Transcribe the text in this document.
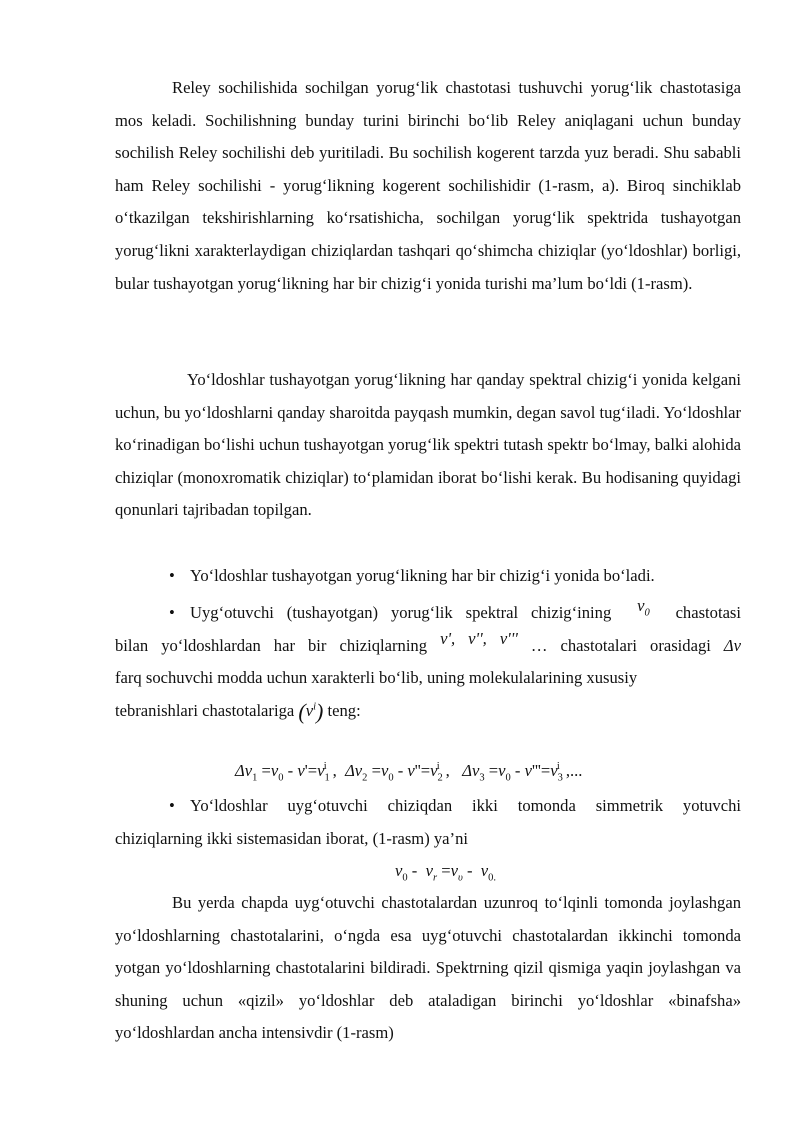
Reley sochilishida sochilgan yorug‘lik chastotasi tushuvchi yorug‘lik chastotasiga mos keladi. Sochilishning bunday turini birinchi bo‘lib Reley aniqlagani uchun bunday sochilish Reley sochilishi deb yuritiladi. Bu sochilish kogerent tarzda yuz beradi. Shu sababli ham Reley sochilishi - yorug‘likning kogerent sochilishidir (1-rasm, a). Biroq sinchiklab o‘tkazilgan tekshirishlarning ko‘rsatishicha, sochilgan yorug‘lik spektrida tushayotgan yorug‘likni xarakterlaydigan chiziqlardan tashqari qo‘shimcha chiziqlar (yo‘ldoshlar) borligi, bular tushayotgan yorug‘likning har bir chizig‘i yonida turishi ma’lum bo‘ldi (1-rasm).

Yo‘ldoshlar tushayotgan yorug‘likning har qanday spektral chizig‘i yonida kelgani uchun, bu yo‘ldoshlarni qanday sharoitda payqash mumkin, degan savol tug‘iladi. Yo‘ldoshlar ko‘rinadigan bo‘lishi uchun tushayotgan yorug‘lik spektri tutash spektr bo‘lmay, balki alohida chiziqlar (monoxromatik chiziqlar) to‘plamidan iborat bo‘lishi kerak. Bu hodisaning quyidagi qonunlari tajribadan topilgan.

• Yo‘ldoshlar tushayotgan yorug‘likning har bir chizig‘i yonida bo‘ladi.
• Uyg‘otuvchi (tushayotgan) yorug‘lik spektral chizig‘ining $\nu_0$ chastotasi
bilan yo‘ldoshlardan har bir chiziqlarning ν', ν'', ν''' … chastotalari orasidagi Δν
farq sochuvchi modda uchun xarakterli bo‘lib, uning molekulalarining xususiy
tebranishlari chastotalariga $(\nu^i)$ teng:
$\Delta\nu_1 =\nu_0 - \nu'=\nu_1^i$ ,  $\Delta\nu_2 =\nu_0 - \nu''=\nu_2^i$ ,   $\Delta\nu_3 =\nu_0 - \nu'''=\nu_3^i$ ,...
• Yo‘ldoshlar uyg‘otuvchi chiziqdan ikki tomonda simmetrik yotuvchi
chiziqlarning ikki sistemasidan iborat, (1-rasm) ya’ni
$\nu_0 - \nu_r =\nu_\upsilon - \nu_{0.}$

Bu yerda chapda uyg‘otuvchi chastotalardan uzunroq to‘lqinli tomonda joylashgan yo‘ldoshlarning chastotalarini, o‘ngda esa uyg‘otuvchi chastotalardan ikkinchi tomonda yotgan yo‘ldoshlarning chastotalarini bildiradi. Spektrning qizil qismiga yaqin joylashgan va shuning uchun «qizil» yo‘ldoshlar deb ataladigan birinchi yo‘ldoshlar «binafsha» yo‘ldoshlardan ancha intensivdir (1-rasm)
